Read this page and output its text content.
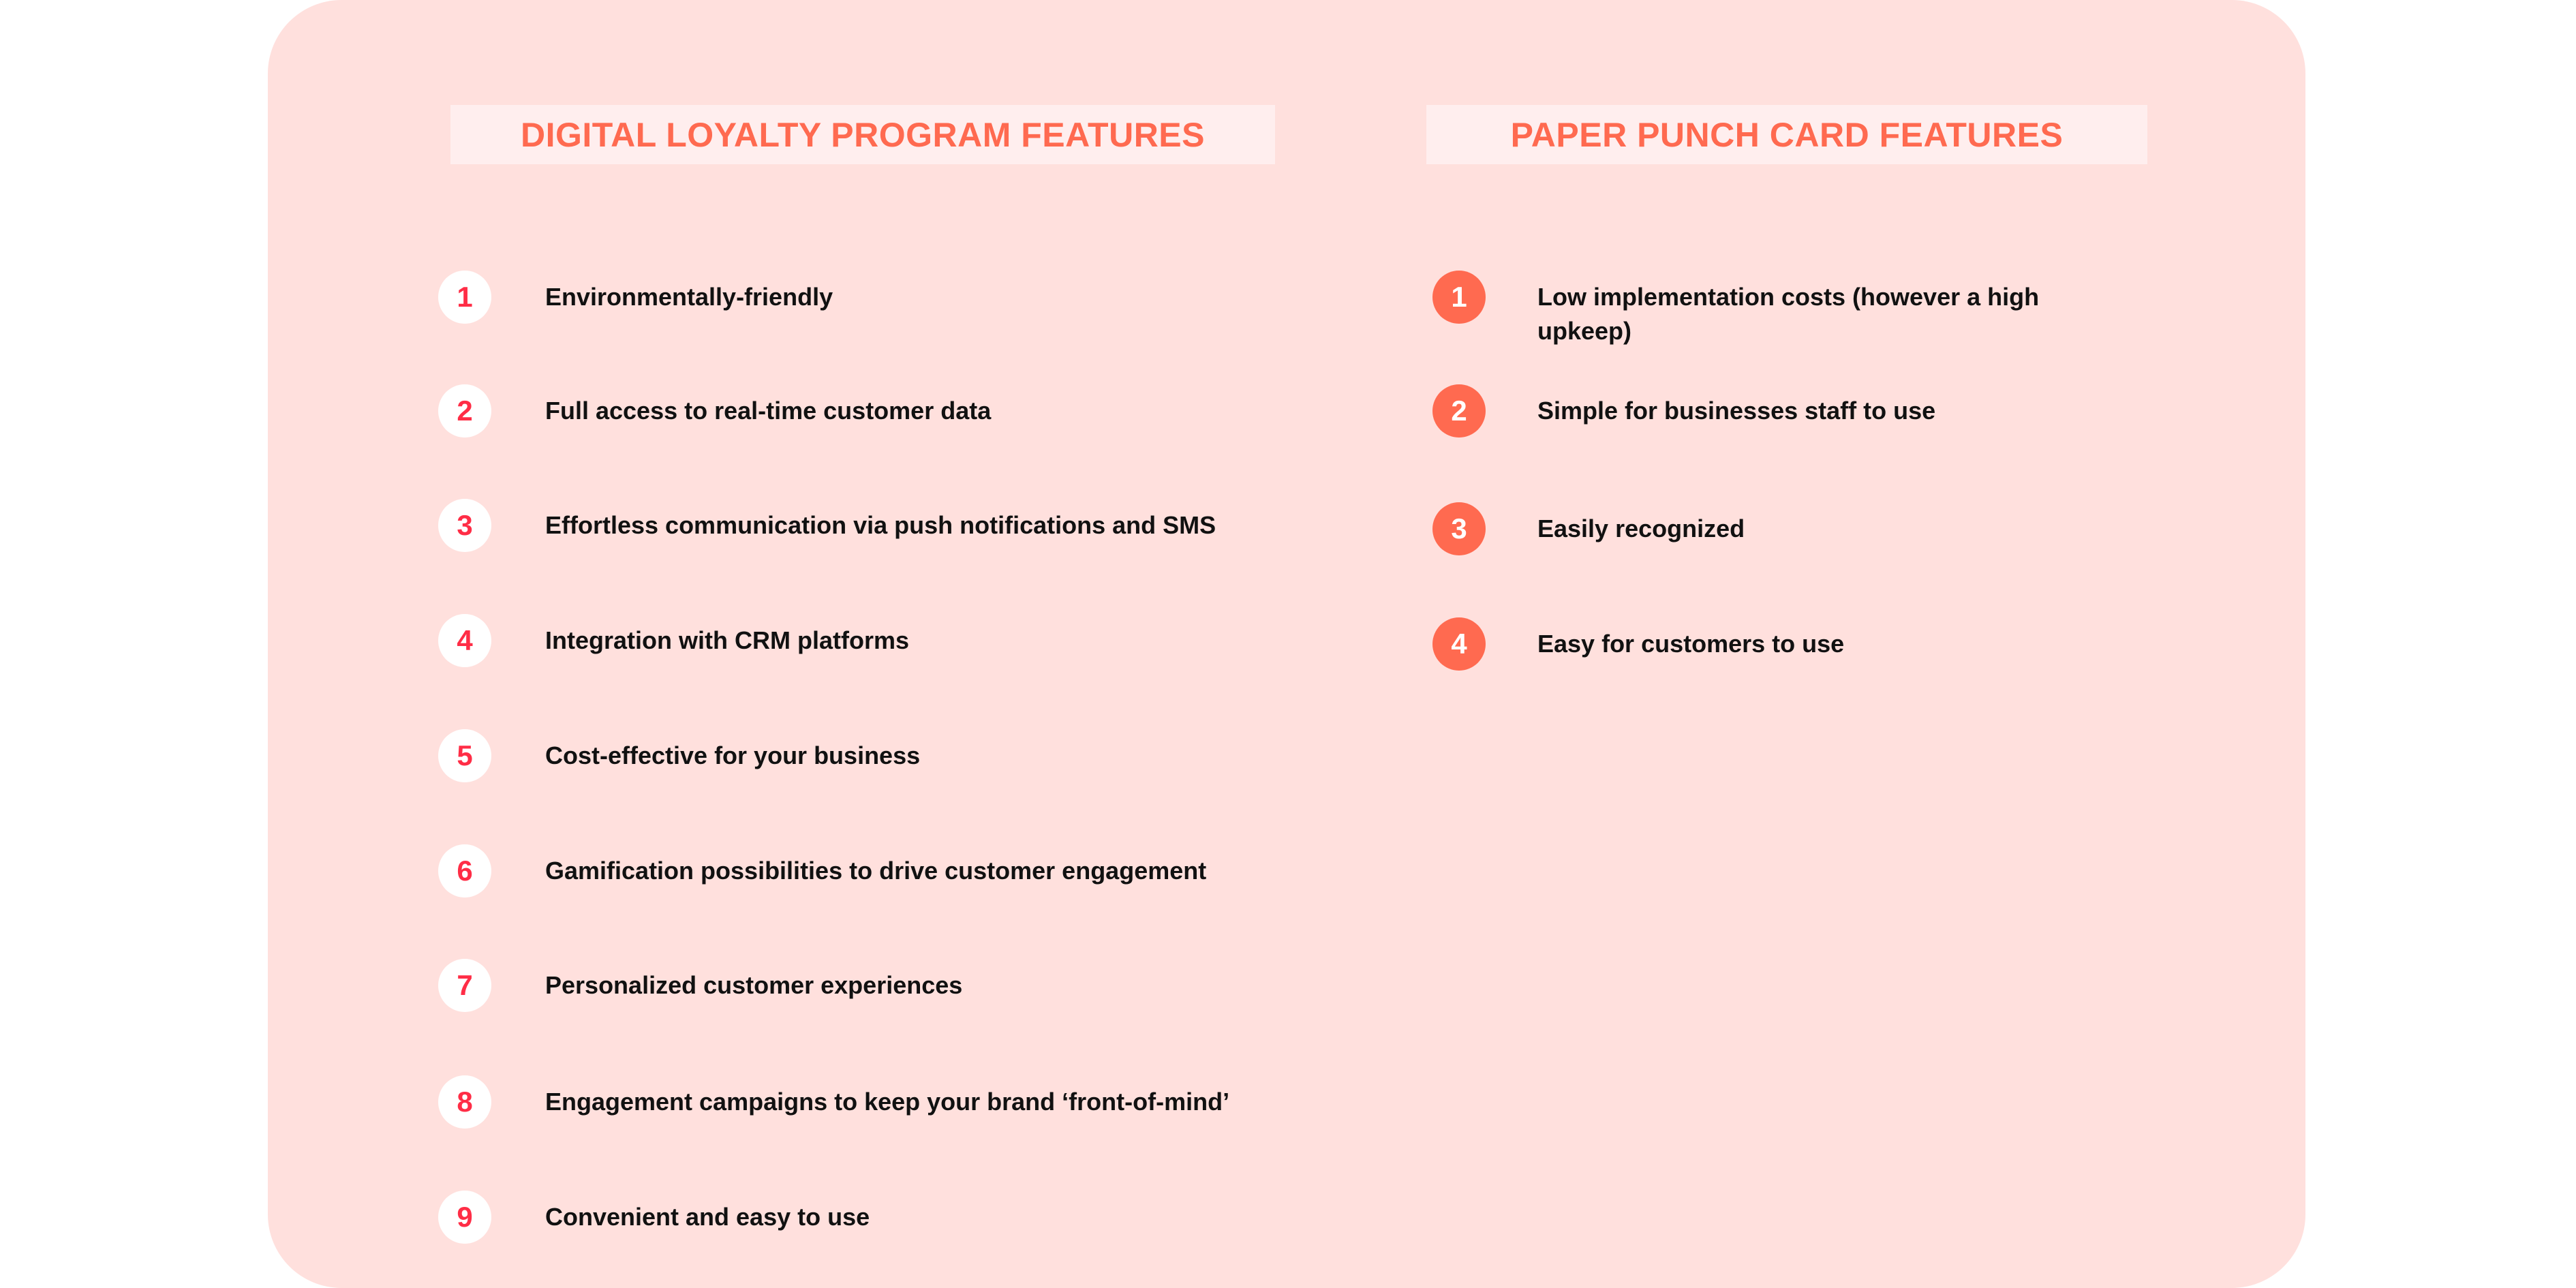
DIGITAL LOYALTY PROGRAM FEATURES	PAPER PUNCH CARD FEATURES
1	Environmentally-friendly
2	Full access to real-time customer data
3	Effortless communication via push notifications and SMS
4	Integration with CRM platforms
5	Cost-effective for your business
6	Gamification possibilities to drive customer engagement
7	Personalized customer experiences
8	Engagement campaigns to keep your brand ‘front-of-mind’
9	Convenient and easy to use
1	Low implementation costs (however a high upkeep)
2	Simple for businesses staff to use
3	Easily recognized
4	Easy for customers to use
